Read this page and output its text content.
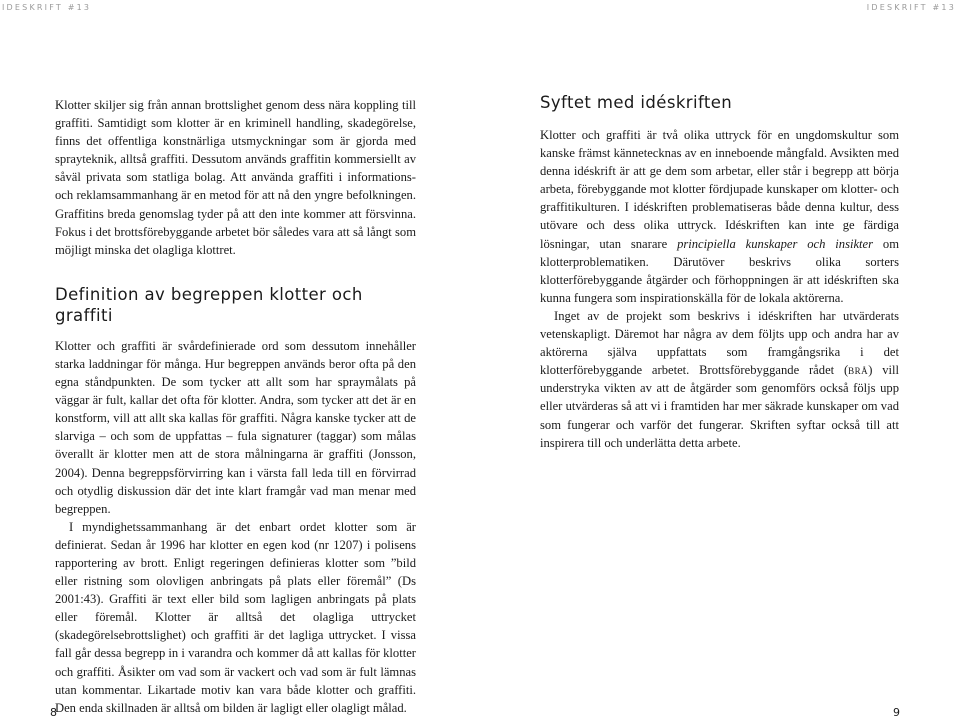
IDESKRIFT #13	IDESKRIFT #13

Klotter skiljer sig från annan brottslighet genom dess nära koppling till graffiti. Samtidigt som klotter är en kriminell handling, skadegörelse, finns det offentliga konstnärliga utsmyckningar som är gjorda med sprayteknik, alltså graffiti. Dessutom används graffitin kommersiellt av såväl privata som statliga bolag. Att använda graffiti i informations- och reklamsammanhang är en metod för att nå den yngre befolkningen. Graffitins breda genomslag tyder på att den inte kommer att försvinna. Fokus i det brottsförebyggande arbetet bör således vara att så långt som möjligt minska det olagliga klottret.

Definition av begreppen klotter och graffiti

Klotter och graffiti är svårdefinierade ord som dessutom innehåller starka laddningar för många. Hur begreppen används beror ofta på den egna ståndpunkten. De som tycker att allt som har spraymålats på väggar är fult, kallar det ofta för klotter. Andra, som tycker att det är en konstform, vill att allt ska kallas för graffiti. Några kanske tycker att de slarviga – och som de uppfattas – fula signaturer (taggar) som målas överallt är klotter men att de stora målningarna är graffiti (Jonsson, 2004). Denna begreppsförvirring kan i värsta fall leda till en förvirrad och otydlig diskussion där det inte klart framgår vad man menar med begreppen.

I myndighetssammanhang är det enbart ordet klotter som är definierat. Sedan år 1996 har klotter en egen kod (nr 1207) i polisens rapportering av brott. Enligt regeringen definieras klotter som ”bild eller ristning som olovligen anbringats på plats eller föremål” (Ds 2001:43). Graffiti är text eller bild som lagligen anbringats på plats eller föremål. Klotter är alltså det olagliga uttrycket (skadegörelsebrottslighet) och graffiti är det lagliga uttrycket. I vissa fall går dessa begrepp in i varandra och kommer då att kallas för klotter och graffiti. Åsikter om vad som är vackert och vad som är fult lämnas utan kommentar. Likartade motiv kan vara både klotter och graffiti. Den enda skillnaden är alltså om bilden är lagligt eller olagligt målad.

Syftet med idéskriften

Klotter och graffiti är två olika uttryck för en ungdomskultur som kanske främst kännetecknas av en inneboende mångfald. Avsikten med denna idéskrift är att ge dem som arbetar, eller står i begrepp att börja arbeta, förebyggande mot klotter fördjupade kunskaper om klotter- och graffitikulturen. I idéskriften problematiseras både denna kultur, dess utövare och dess olika uttryck. Idéskriften kan inte ge färdiga lösningar, utan snarare principiella kunskaper och insikter om klotterproblematiken. Därutöver beskrivs olika sorters klotterförebyggande åtgärder och förhoppningen är att idéskriften ska kunna fungera som inspirationskälla för de lokala aktörerna.

Inget av de projekt som beskrivs i idéskriften har utvärderats vetenskapligt. Däremot har några av dem följts upp och andra har av aktörerna själva uppfattats som framgångsrika i det klotterförebyggande arbetet. Brottsförebyggande rådet (brå) vill understryka vikten av att de åtgärder som genomförs också följs upp eller utvärderas så att vi i framtiden har mer säkrade kunskaper om vad som fungerar och varför det fungerar. Skriften syftar också till att inspirera till och underlätta detta arbete.

8	9
